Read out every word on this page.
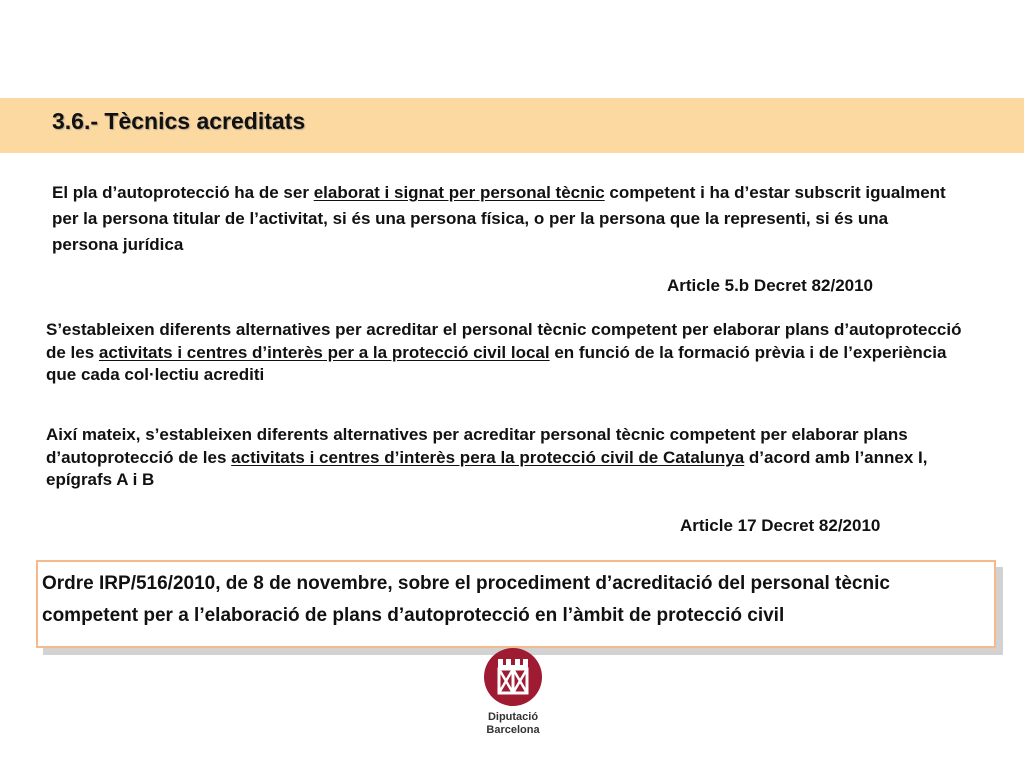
3.6.- Tècnics acreditats

El pla d’autoprotecció ha de ser elaborat i signat per personal tècnic competent i ha d’estar subscrit igualment per la persona titular de l’activitat, si és una persona física, o per la persona que la representi, si és una persona jurídica

Article 5.b Decret 82/2010

S’estableixen diferents alternatives per acreditar el personal tècnic competent per elaborar plans d’autoprotecció de les activitats i centres d’interès per a la protecció civil local en funció de la formació prèvia i de l’experiència que cada col·lectiu acrediti

Així mateix, s’estableixen diferents alternatives per acreditar personal tècnic competent per elaborar plans d’autoprotecció de les activitats i centres d’interès pera la protecció civil de Catalunya d’acord amb l’annex I, epígrafs A i B

Article 17 Decret 82/2010

Ordre IRP/516/2010, de 8 de novembre, sobre el procediment d’acreditació del personal tècnic competent per a l’elaboració de plans d’autoprotecció en l’àmbit de protecció civil

Diputació

Barcelona
